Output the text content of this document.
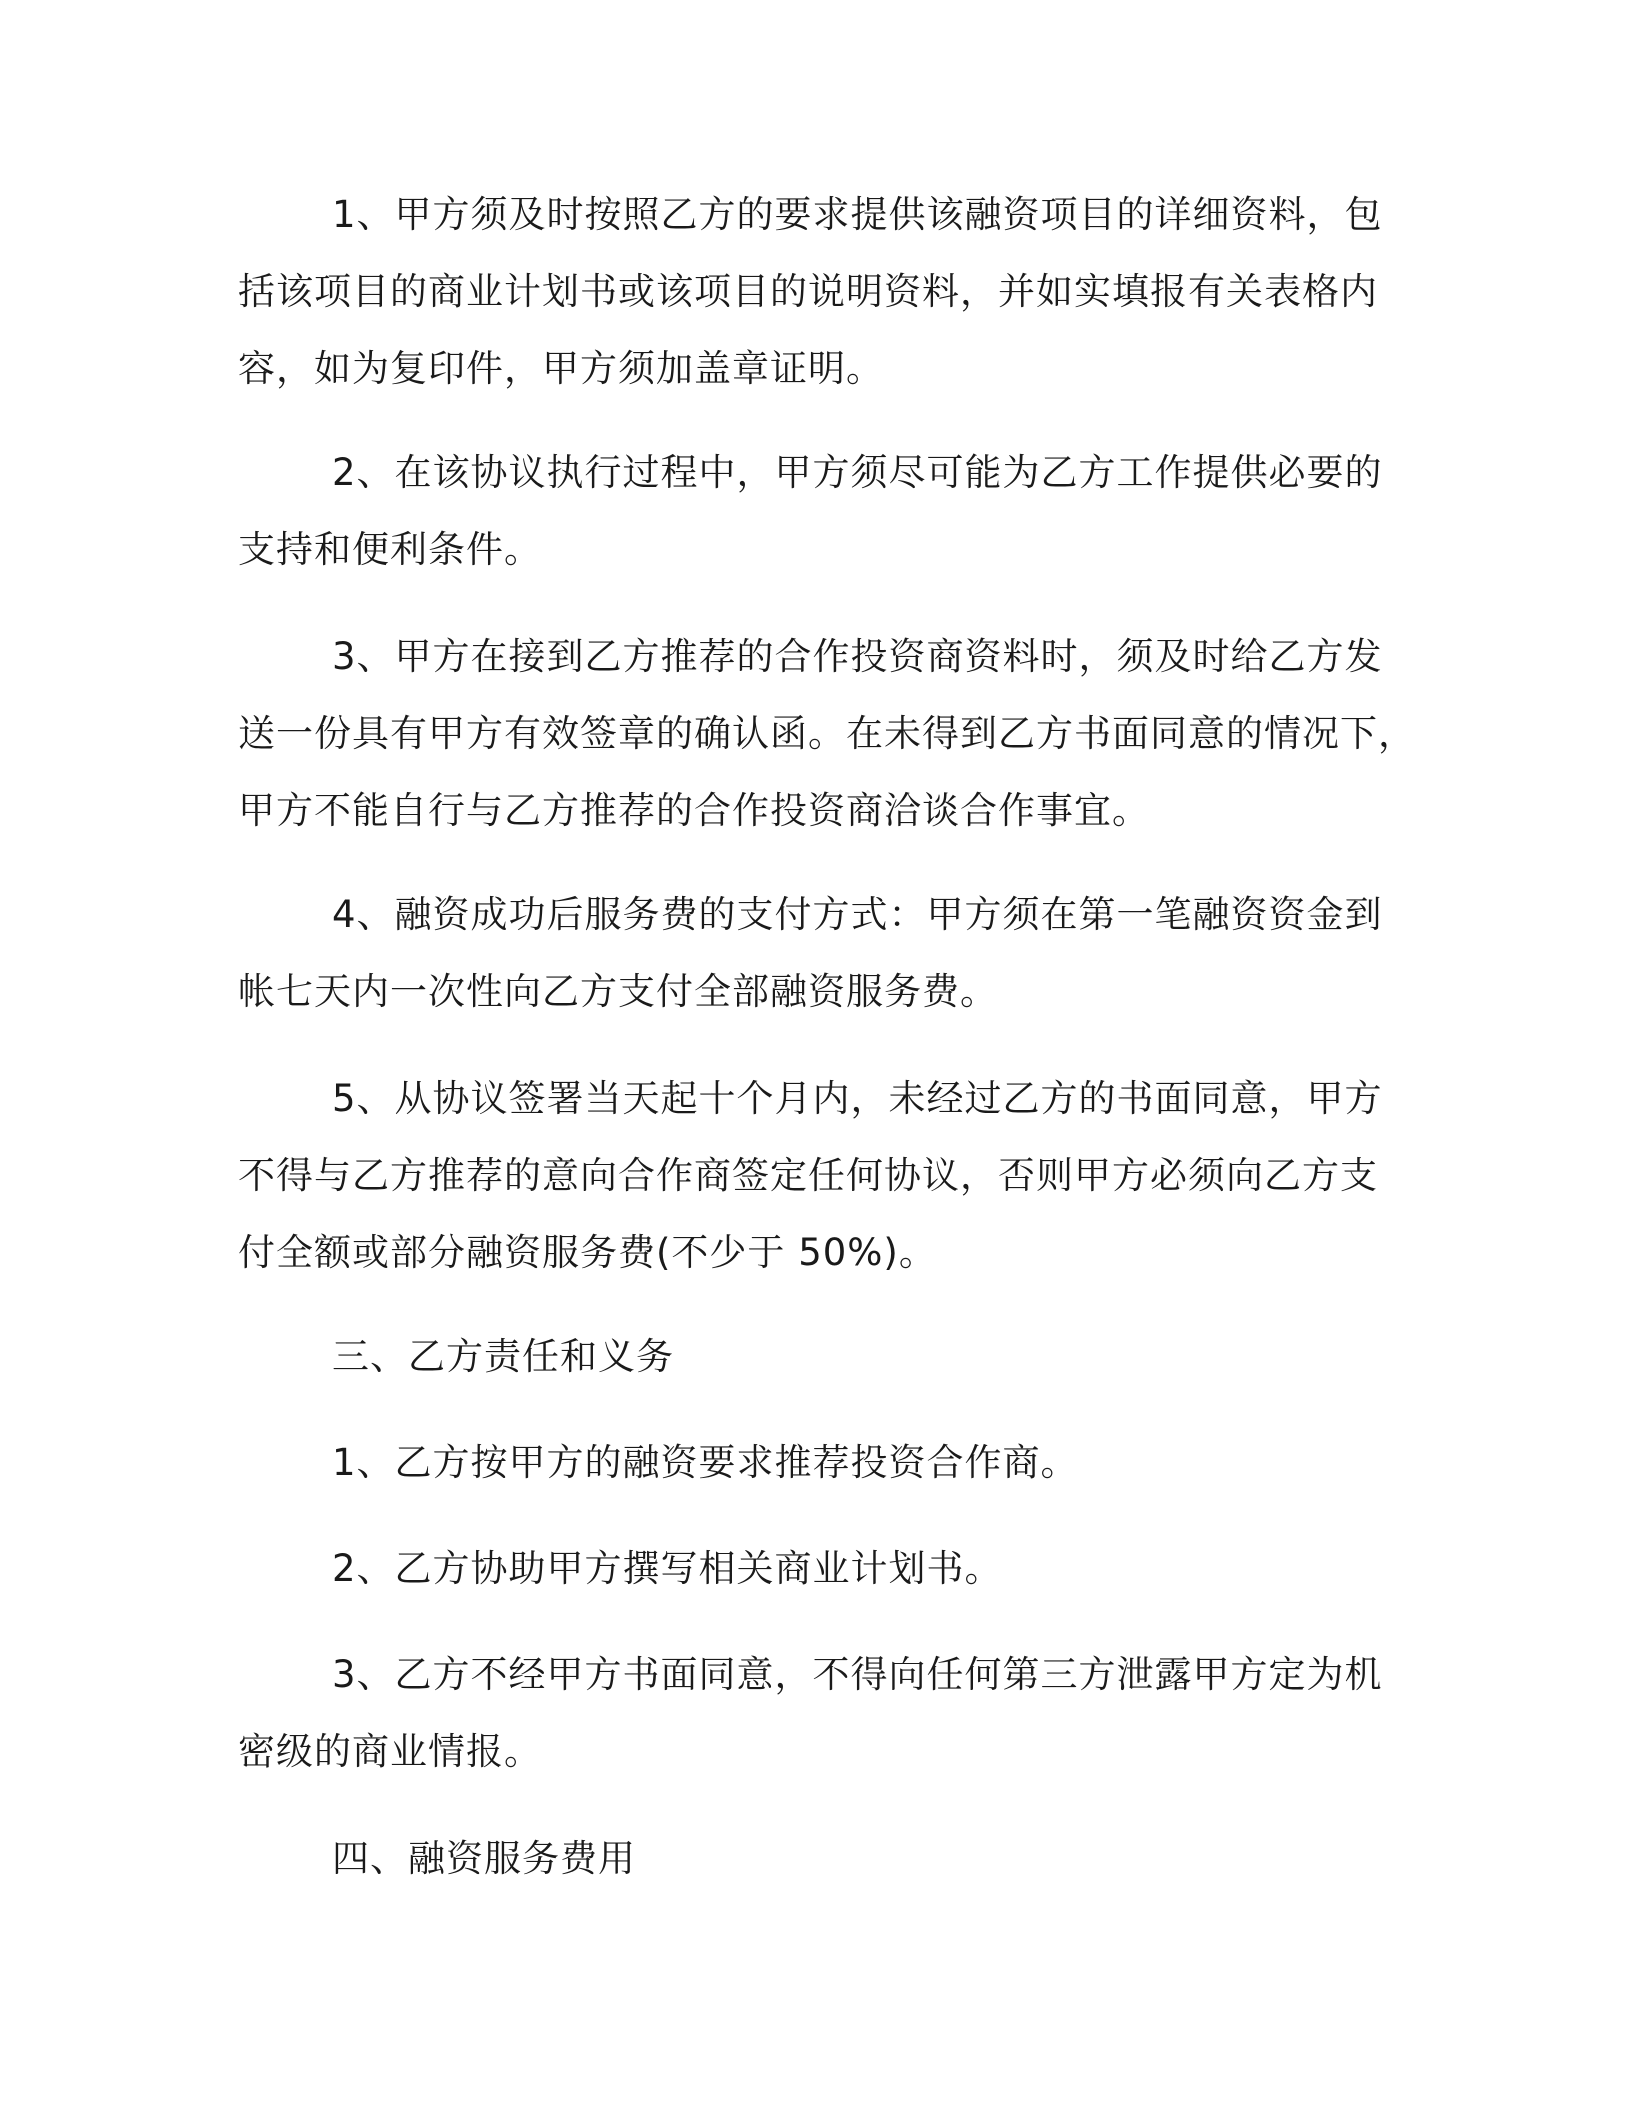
1、甲方须及时按照乙方的要求提供该融资项目的详细资料，包
括该项目的商业计划书或该项目的说明资料，并如实填报有关表格内
容，如为复印件，甲方须加盖章证明。
2、在该协议执行过程中，甲方须尽可能为乙方工作提供必要的
支持和便利条件。
3、甲方在接到乙方推荐的合作投资商资料时，须及时给乙方发
送一份具有甲方有效签章的确认函。在未得到乙方书面同意的情况下，
甲方不能自行与乙方推荐的合作投资商洽谈合作事宜。
4、融资成功后服务费的支付方式：甲方须在第一笔融资资金到
帐七天内一次性向乙方支付全部融资服务费。
5、从协议签署当天起十个月内，未经过乙方的书面同意，甲方
不得与乙方推荐的意向合作商签定任何协议，否则甲方必须向乙方支
付全额或部分融资服务费(不少于 50%)。
三、乙方责任和义务
1、乙方按甲方的融资要求推荐投资合作商。
2、乙方协助甲方撰写相关商业计划书。
3、乙方不经甲方书面同意，不得向任何第三方泄露甲方定为机
密级的商业情报。
四、融资服务费用
